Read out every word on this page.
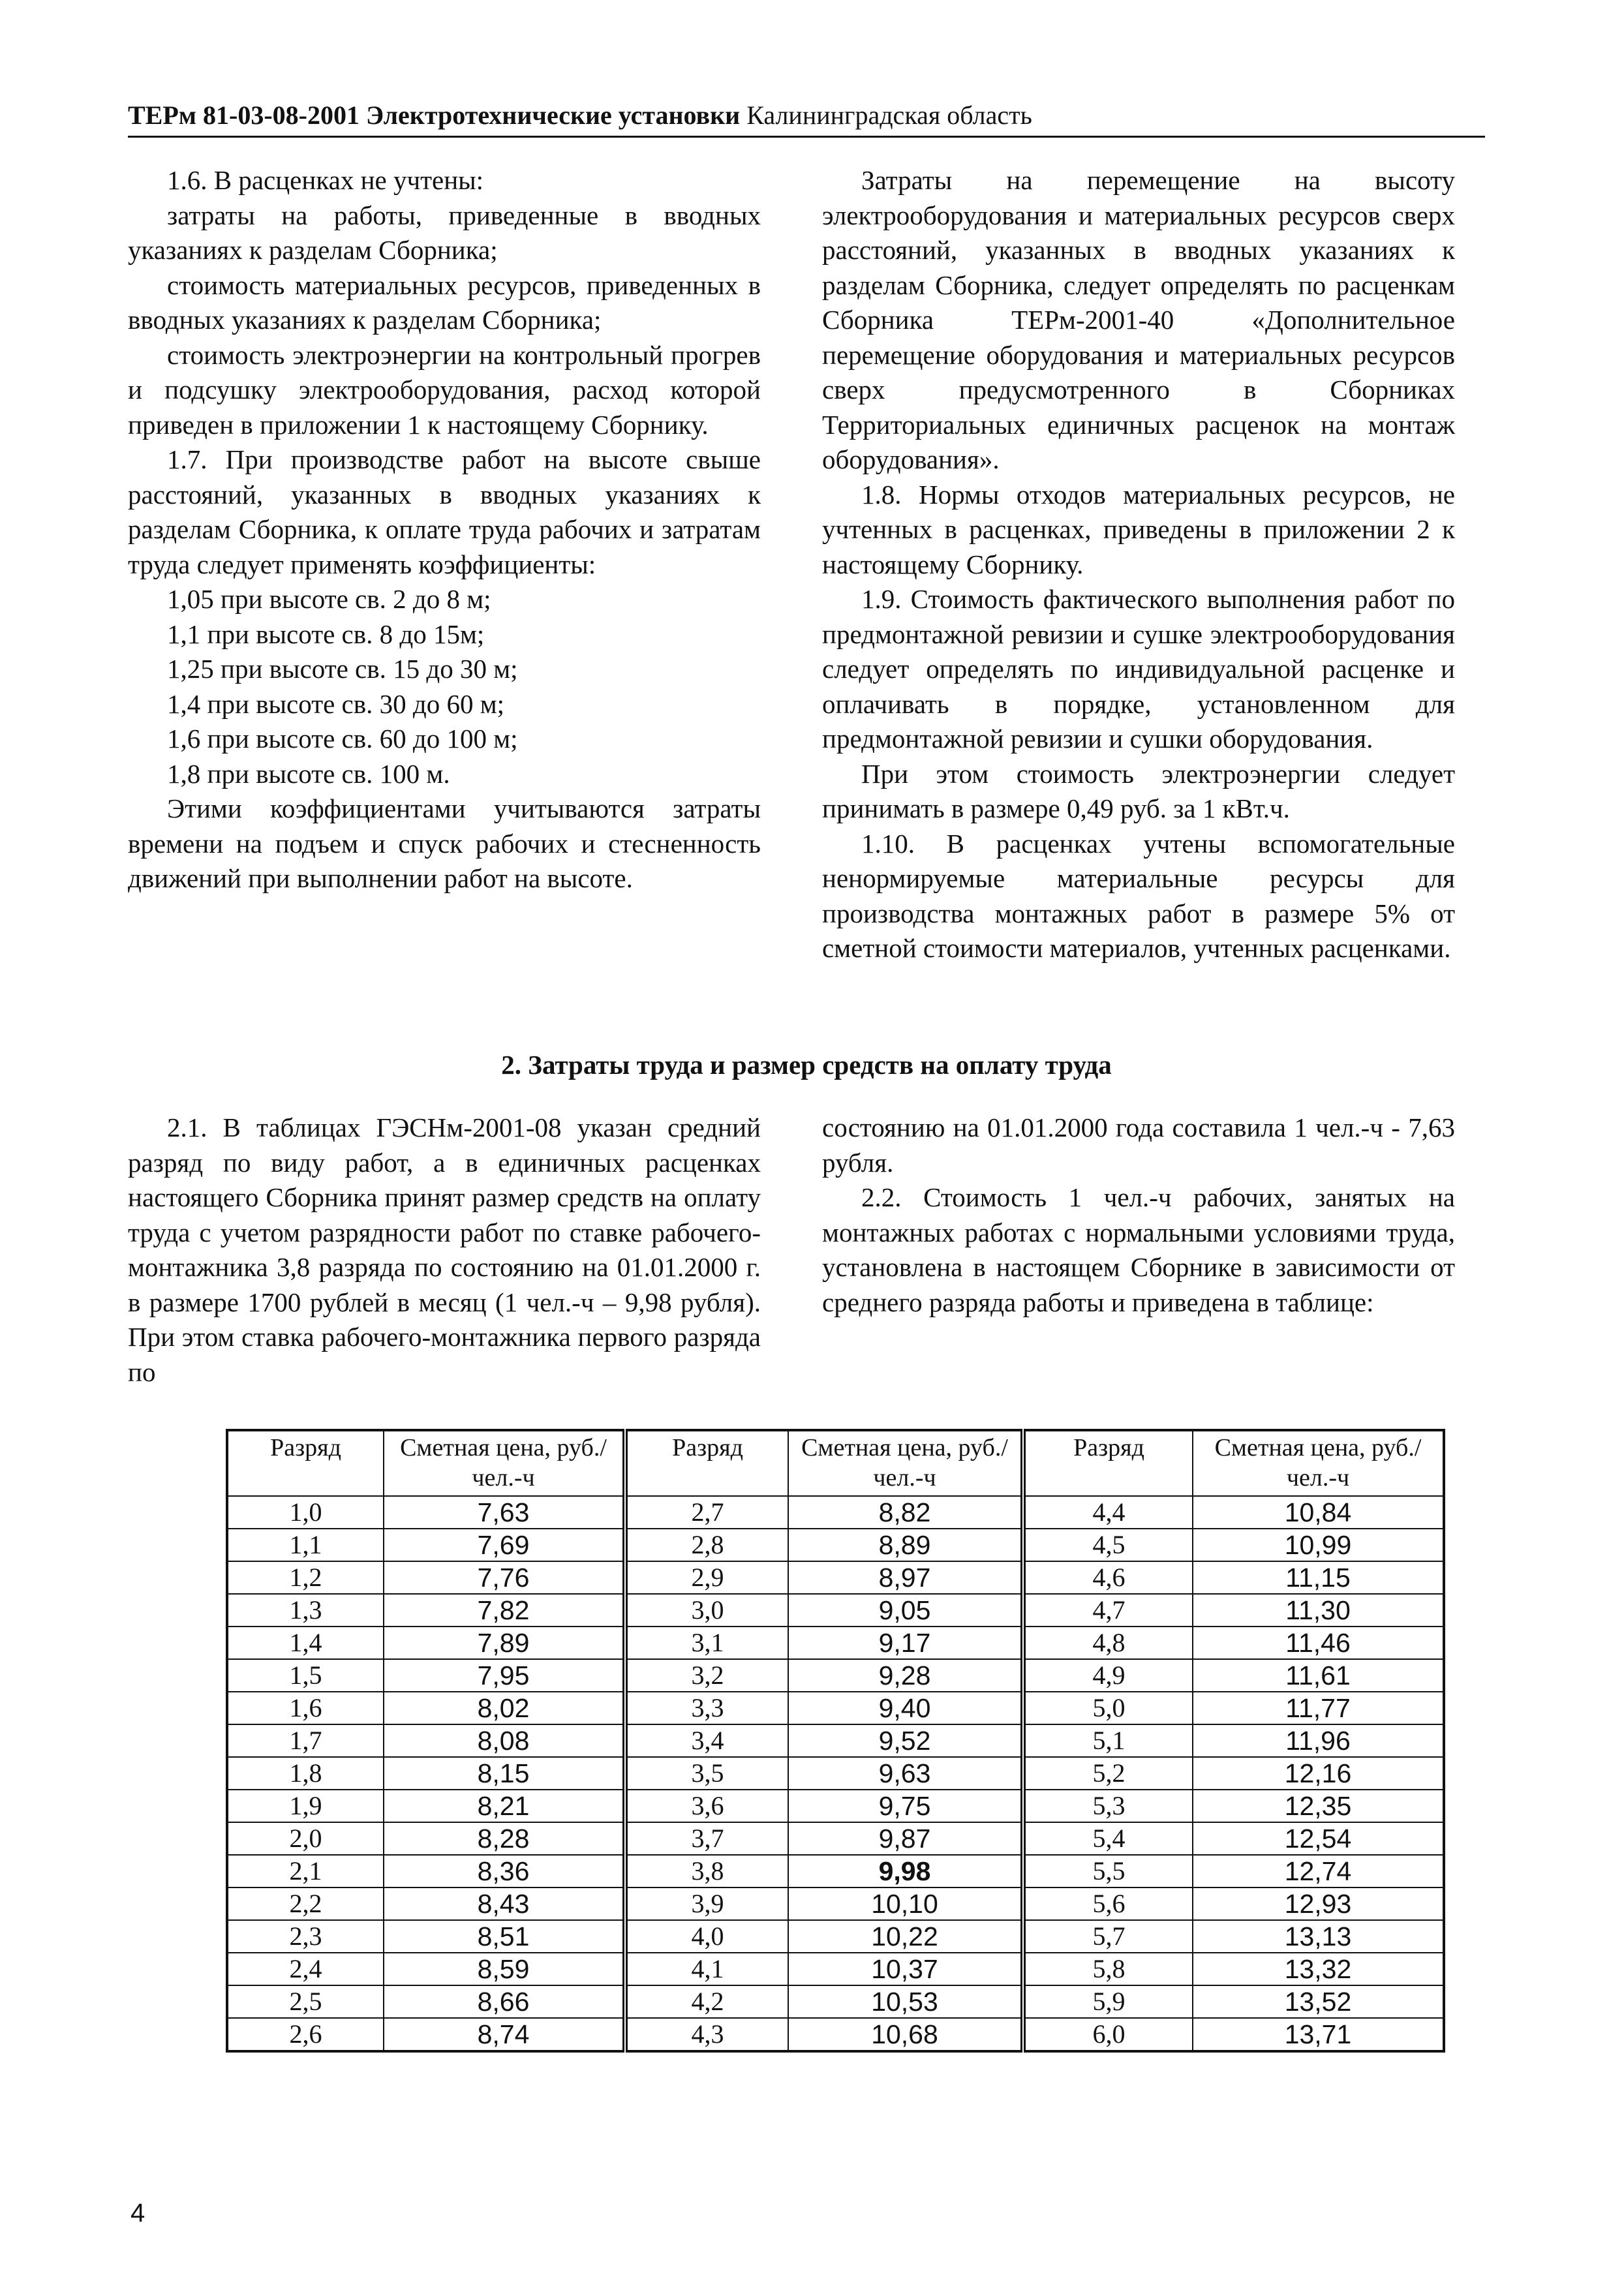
ТЕРм 81-03-08-2001 Электротехнические установки Калининградская область

1.6. В расценках не учтены:

затраты на работы, приведенные в вводных указаниях к разделам Сборника;

стоимость материальных ресурсов, приведенных в вводных указаниях к разделам Сборника;

стоимость электроэнергии на контрольный прогрев и подсушку электрооборудования, расход которой приведен в приложении 1 к настоящему Сборнику.

1.7. При производстве работ на высоте свыше расстояний, указанных в вводных указаниях к разделам Сборника, к оплате труда рабочих и затратам труда следует применять коэффициенты:

1,05 при высоте св. 2 до 8 м;

1,1 при высоте св. 8 до 15м;

1,25 при высоте св. 15 до 30 м;

1,4 при высоте св. 30 до 60 м;

1,6 при высоте св. 60 до 100 м;

1,8 при высоте св. 100 м.

Этими коэффициентами учитываются затраты времени на подъем и спуск рабочих и стесненность движений при выполнении работ на высоте.

Затраты на перемещение на высоту электрооборудования и материальных ресурсов сверх расстояний, указанных в вводных указаниях к разделам Сборника, следует определять по расценкам Сборника ТЕРм-2001-40 «Дополнительное перемещение оборудования и материальных ресурсов сверх предусмотренного в Сборниках Территориальных единичных расценок на монтаж оборудования».

1.8. Нормы отходов материальных ресурсов, не учтенных в расценках, приведены в приложении 2 к настоящему Сборнику.

1.9. Стоимость фактического выполнения работ по предмонтажной ревизии и сушке электрооборудования следует определять по индивидуальной расценке и оплачивать в порядке, установленном для предмонтажной ревизии и сушки оборудования.

При этом стоимость электроэнергии следует принимать в размере 0,49 руб. за 1 кВт.ч.

1.10. В расценках учтены вспомогательные ненормируемые материальные ресурсы для производства монтажных работ в размере 5% от сметной стоимости материалов, учтенных расценками.

2. Затраты труда и размер средств на оплату труда

2.1. В таблицах ГЭСНм-2001-08 указан средний разряд по виду работ, а в единичных расценках настоящего Сборника принят размер средств на оплату труда с учетом разрядности работ по ставке рабочего-монтажника 3,8 разряда по состоянию на 01.01.2000 г. в размере 1700 рублей в месяц (1 чел.-ч – 9,98 рубля). При этом ставка рабочего-монтажника первого разряда по

состоянию на 01.01.2000 года составила 1 чел.-ч - 7,63 рубля.

2.2. Стоимость 1 чел.-ч рабочих, занятых на монтажных работах с нормальными условиями труда, установлена в настоящем Сборнике в зависимости от среднего разряда работы и приведена в таблице:

Разряд	Сметная цена, руб./чел.-ч	Разряд	Сметная цена, руб./чел.-ч	Разряд	Сметная цена, руб./чел.-ч
1,0	7,63	2,7	8,82	4,4	10,84
1,1	7,69	2,8	8,89	4,5	10,99
1,2	7,76	2,9	8,97	4,6	11,15
1,3	7,82	3,0	9,05	4,7	11,30
1,4	7,89	3,1	9,17	4,8	11,46
1,5	7,95	3,2	9,28	4,9	11,61
1,6	8,02	3,3	9,40	5,0	11,77
1,7	8,08	3,4	9,52	5,1	11,96
1,8	8,15	3,5	9,63	5,2	12,16
1,9	8,21	3,6	9,75	5,3	12,35
2,0	8,28	3,7	9,87	5,4	12,54
2,1	8,36	3,8	9,98	5,5	12,74
2,2	8,43	3,9	10,10	5,6	12,93
2,3	8,51	4,0	10,22	5,7	13,13
2,4	8,59	4,1	10,37	5,8	13,32
2,5	8,66	4,2	10,53	5,9	13,52
2,6	8,74	4,3	10,68	6,0	13,71
4
